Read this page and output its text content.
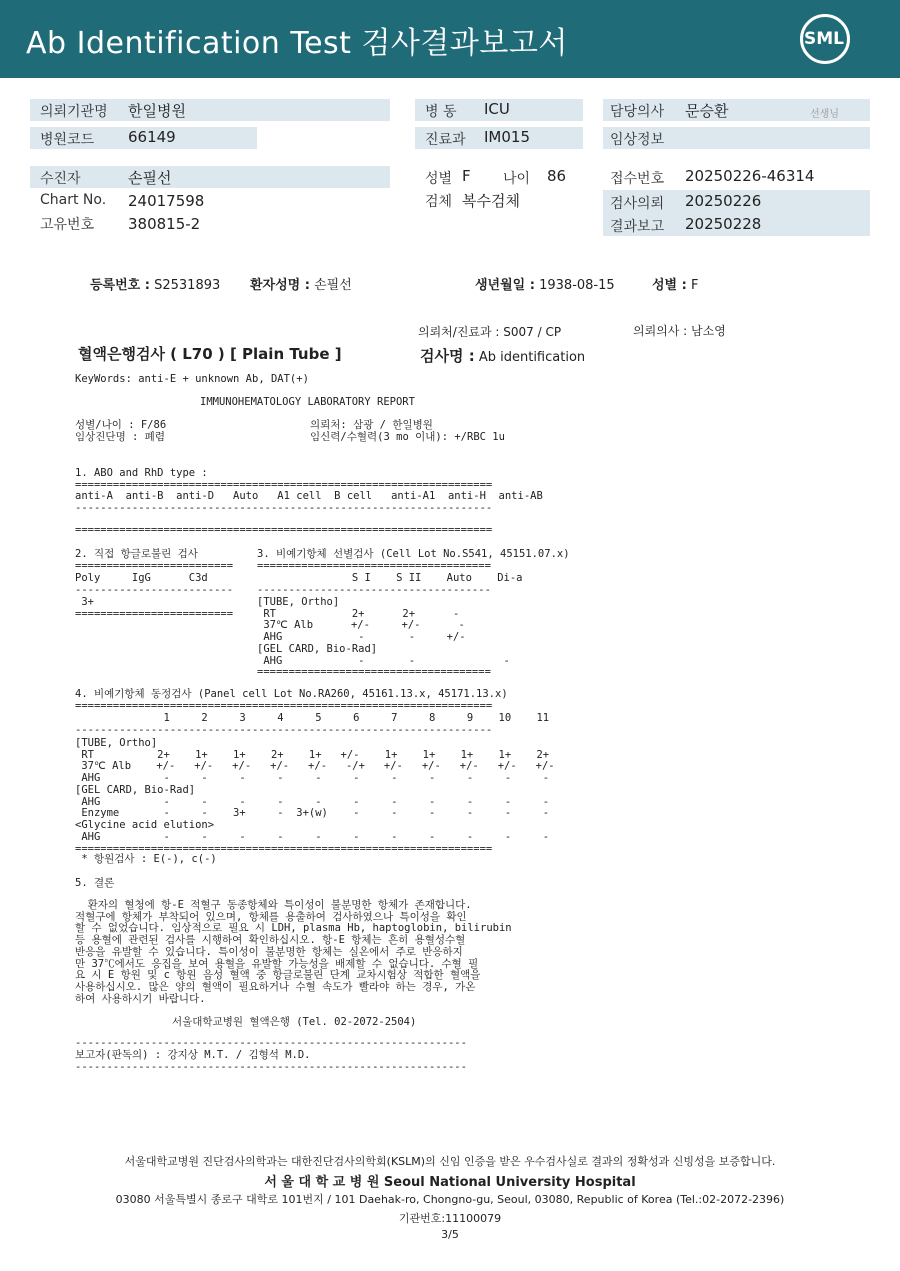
Ab Identification Test 검사결과보고서	SML
의뢰기관명 한일병원
병원코드 66149
수진자	손필선
Chart No. 24017598
고유번호 380815-2
병 동 ICU
진료과 IM015
성별 F 나이 86
검체 복수검체
담당의사 문승환	선생님
임상정보
접수번호 20250226-46314
검사의뢰 20250226
결과보고 20250228
등록번호 : S2531893 환자성명 : 손필선	생년월일 : 1938-08-15	성별 : F
의뢰처/진료과 : S007 / CP	의뢰의사 : 남소영
혈액은행검사 ( L70 ) [ Plain Tube ]	검사명 : Ab identification
KeyWords: anti-E + unknown Ab, DAT(+)
IMMUNOHEMATOLOGY LABORATORY REPORT
성별/나이 : F/86
임상진단명 : 폐렴
의뢰처: 삼광 / 한일병원
임신력/수혈력(3 mo 이내): +/RBC 1u
1. ABO and RhD type :
==================================================================
anti-A  anti-B  anti-D   Auto   A1 cell  B cell   anti-A1  anti-H  anti-AB
------------------------------------------------------------------
==================================================================
2. 직접 항글로불린 검사
=========================
Poly     IgG      C3d
-------------------------
3+
=========================
3. 비예기항체 선별검사 (Cell Lot No.S541, 45151.07.x)
=====================================
S I    S II    Auto    Di-a
-------------------------------------
[TUBE, Ortho]
RT            2+      2+      -
37℃ Alb      +/-     +/-      -
AHG            -       -     +/-
[GEL CARD, Bio-Rad]
AHG            -       -              -
=====================================
4. 비예기항체 동정검사 (Panel cell Lot No.RA260, 45161.13.x, 45171.13.x)
==================================================================
1     2     3     4     5     6     7     8     9    10    11
------------------------------------------------------------------
[TUBE, Ortho]
RT          2+    1+    1+    2+    1+   +/-    1+    1+    1+    1+    2+
37℃ Alb    +/-   +/-   +/-   +/-   +/-   -/+   +/-   +/-   +/-   +/-   +/-
AHG          -     -     -     -     -     -     -     -     -     -     -
[GEL CARD, Bio-Rad]
AHG          -     -     -     -     -     -     -     -     -     -     -
Enzyme       -     -    3+     -  3+(w)    -     -     -     -     -     -
<Glycine acid elution>
AHG          -     -     -     -     -     -     -     -     -     -     -
==================================================================
* 항원검사 : E(-), c(-)
5. 결론
환자의 혈청에 항-E 적혈구 동종항체와 특이성이 불분명한 항체가 존재합니다.
적혈구에 항체가 부착되어 있으며, 항체를 용출하여 검사하였으나 특이성을 확인
할 수 없었습니다. 임상적으로 필요 시 LDH, plasma Hb, haptoglobin, bilirubin
등 용혈에 관련된 검사를 시행하여 확인하십시오. 항-E 항체는 흔히 용혈성수혈
반응을 유발할 수 있습니다. 특이성이 불분명한 항체는 실온에서 주로 반응하지
만 37℃에서도 응집을 보여 용혈을 유발할 가능성을 배제할 수 없습니다. 수혈 필
요 시 E 항원 및 c 항원 음성 혈액 중 항글로불린 단계 교차시험상 적합한 혈액을
사용하십시오. 많은 양의 혈액이 필요하거나 수혈 속도가 빨라야 하는 경우, 가온
하여 사용하시기 바랍니다.
서울대학교병원 혈액은행 (Tel. 02-2072-2504)
--------------------------------------------------------------
보고자(판독의) : 강지상 M.T. / 김형석 M.D.
--------------------------------------------------------------
서울대학교병원 진단검사의학과는 대한진단검사의학회(KSLM)의 신임 인증을 받은 우수검사실로 결과의 정확성과 신빙성을 보증합니다.
서 울 대 학 교 병 원 Seoul National University Hospital
03080 서울특별시 종로구 대학로 101번지 / 101 Daehak-ro, Chongno-gu, Seoul, 03080, Republic of Korea (Tel.:02-2072-2396)
기관번호:11100079
3/5
